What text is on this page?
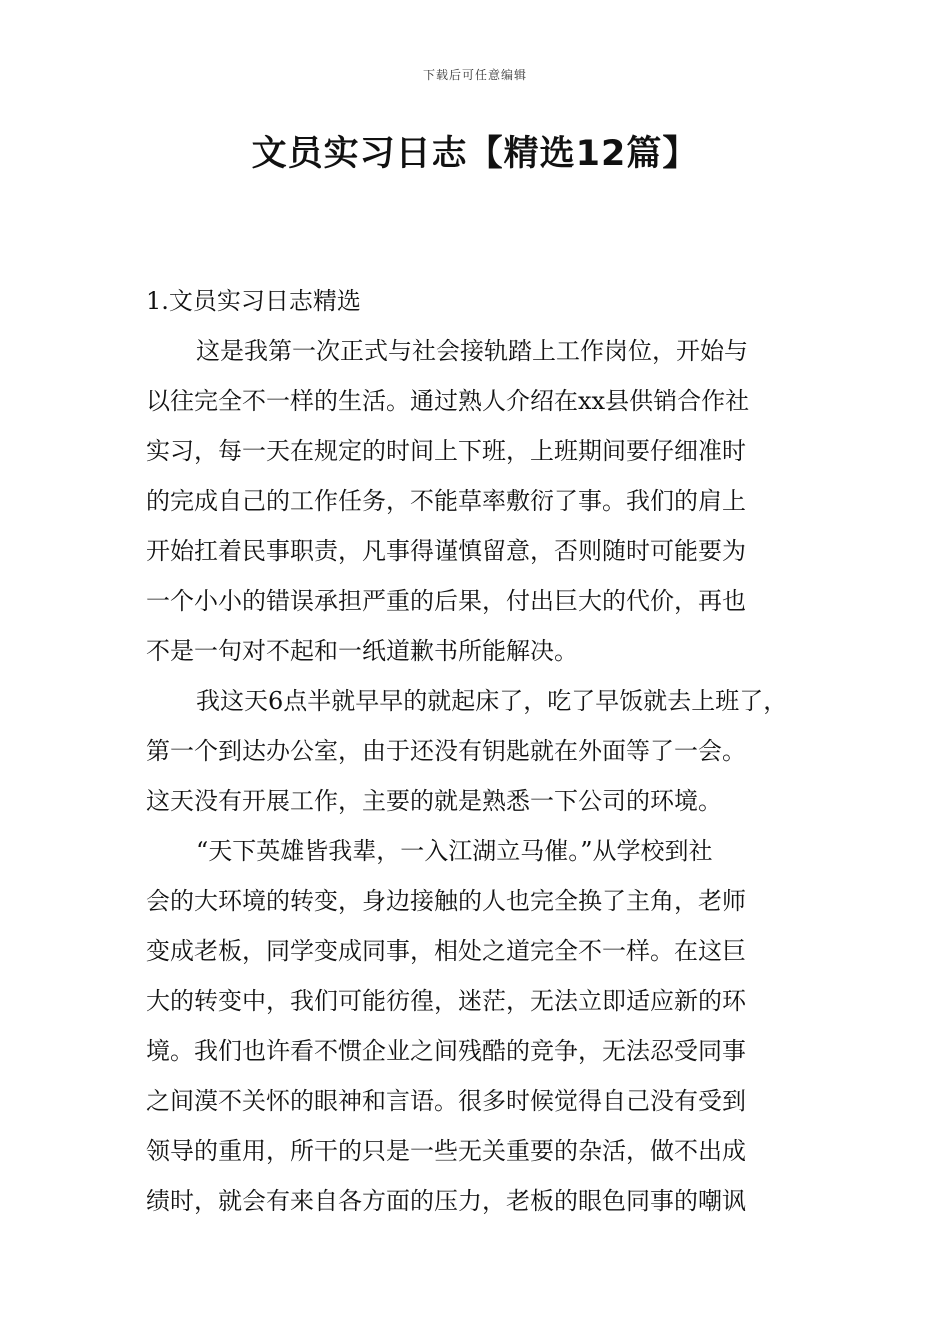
下载后可任意编辑
文员实习日志【精选12篇】
1.文员实习日志精选
这是我第一次正式与社会接轨踏上工作岗位，开始与
以往完全不一样的生活。通过熟人介绍在xx县供销合作社
实习，每一天在规定的时间上下班，上班期间要仔细准时
的完成自己的工作任务，不能草率敷衍了事。我们的肩上
开始扛着民事职责，凡事得谨慎留意，否则随时可能要为
一个小小的错误承担严重的后果，付出巨大的代价，再也
不是一句对不起和一纸道歉书所能解决。
我这天6点半就早早的就起床了，吃了早饭就去上班了，
第一个到达办公室，由于还没有钥匙就在外面等了一会。
这天没有开展工作，主要的就是熟悉一下公司的环境。
“天下英雄皆我辈，一入江湖立马催。”从学校到社
会的大环境的转变，身边接触的人也完全换了主角，老师
变成老板，同学变成同事，相处之道完全不一样。在这巨
大的转变中，我们可能彷徨，迷茫，无法立即适应新的环
境。我们也许看不惯企业之间残酷的竞争，无法忍受同事
之间漠不关怀的眼神和言语。很多时候觉得自己没有受到
领导的重用，所干的只是一些无关重要的杂活，做不出成
绩时，就会有来自各方面的压力，老板的眼色同事的嘲讽
